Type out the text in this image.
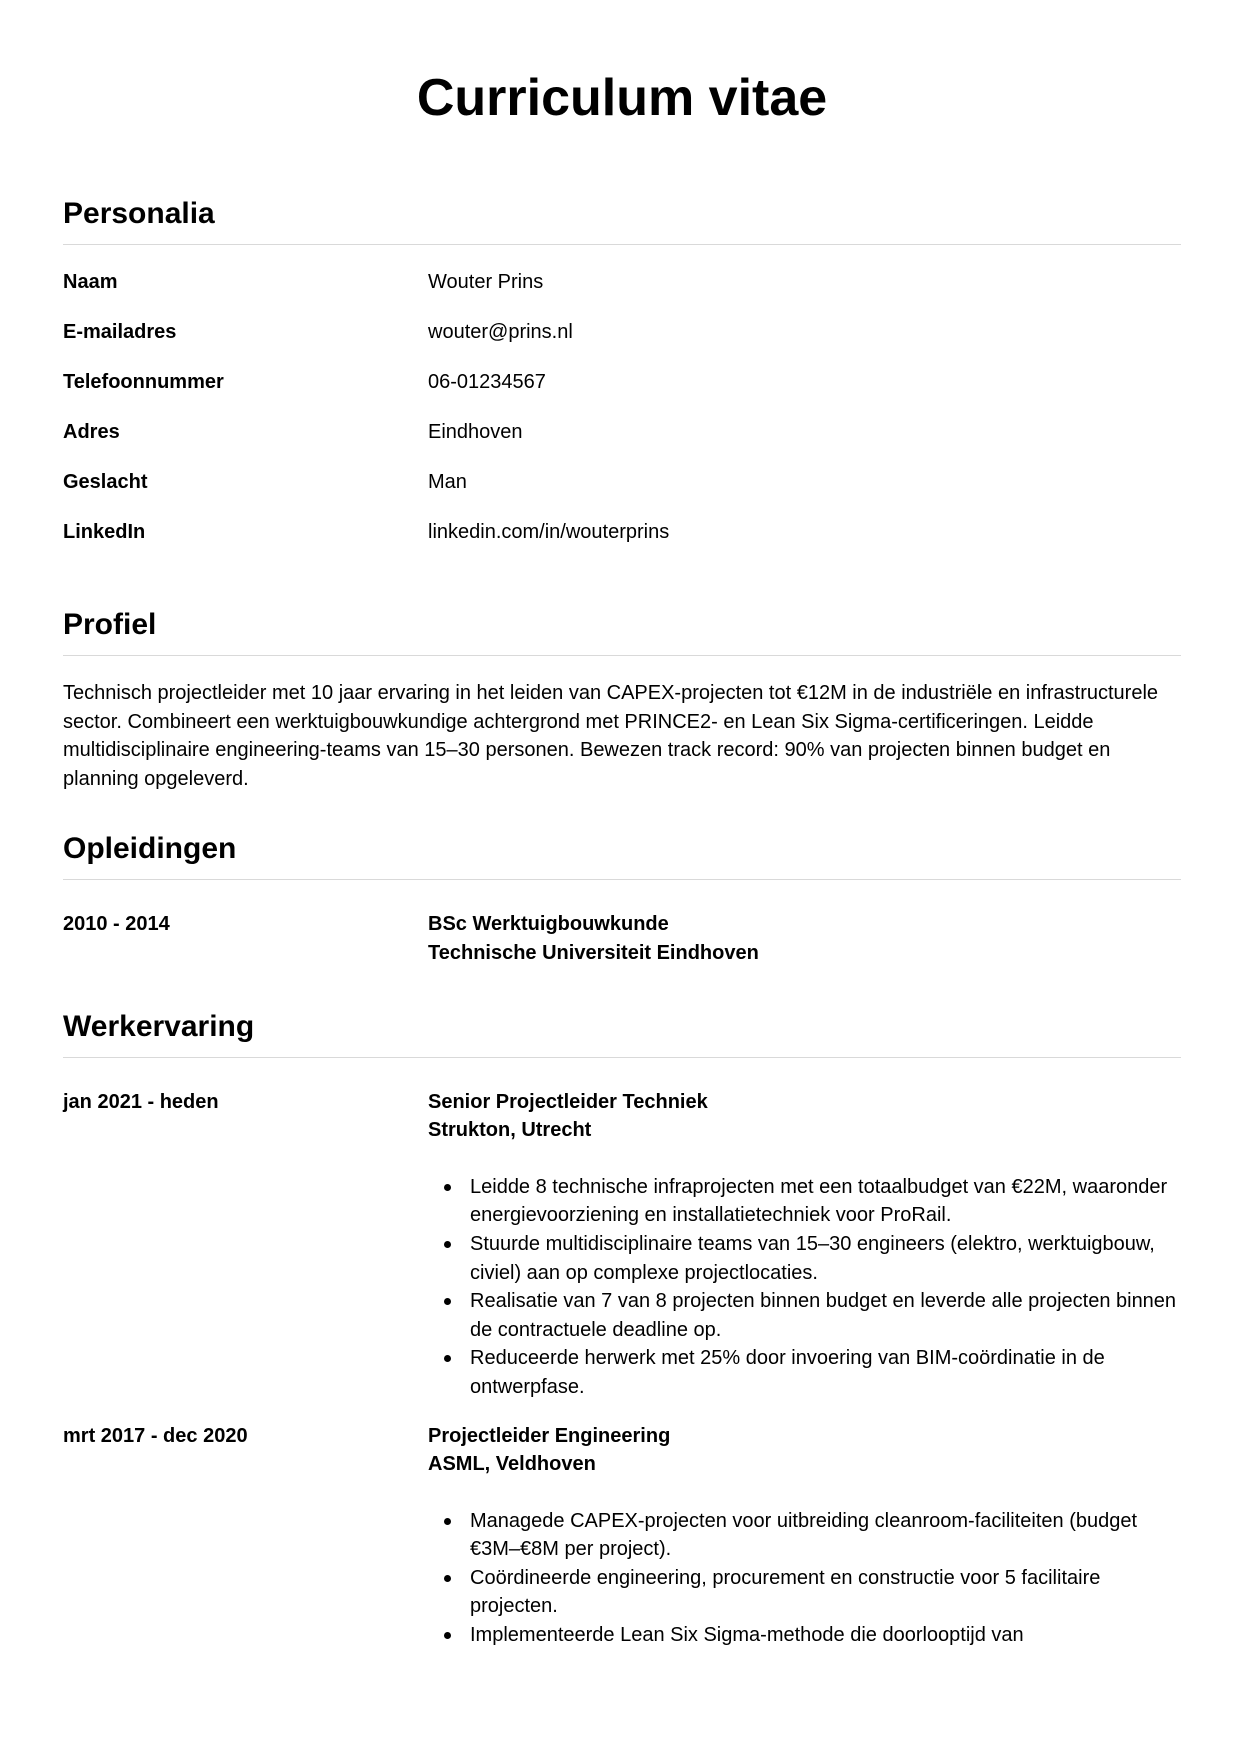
Curriculum vitae
Personalia
Naam	Wouter Prins
E-mailadres	wouter@prins.nl
Telefoonnummer	06-01234567
Adres	Eindhoven
Geslacht	Man
LinkedIn	linkedin.com/in/wouterprins
Profiel

Technisch projectleider met 10 jaar ervaring in het leiden van CAPEX-projecten tot €12M in de industriële en infrastructurele sector. Combineert een werktuigbouwkundige achtergrond met PRINCE2- en Lean Six Sigma-certificeringen. Leidde multidisciplinaire engineering-teams van 15–30 personen. Bewezen track record: 90% van projecten binnen budget en planning opgeleverd.

Opleidingen
2010 - 2014	BSc Werktuigbouwkunde
Technische Universiteit Eindhoven
Werkervaring
jan 2021 - heden	Senior Projectleider Techniek
Strukton, Utrecht
Leidde 8 technische infraprojecten met een totaalbudget van €22M, waaronder energievoorziening en installatietechniek voor ProRail.
Stuurde multidisciplinaire teams van 15–30 engineers (elektro, werktuigbouw, civiel) aan op complexe projectlocaties.
Realisatie van 7 van 8 projecten binnen budget en leverde alle projecten binnen de contractuele deadline op.
Reduceerde herwerk met 25% door invoering van BIM-coördinatie in de ontwerpfase.
mrt 2017 - dec 2020	Projectleider Engineering
ASML, Veldhoven
Managede CAPEX-projecten voor uitbreiding cleanroom-faciliteiten (budget €3M–€8M per project).
Coördineerde engineering, procurement en constructie voor 5 facilitaire projecten.
Implementeerde Lean Six Sigma-methode die doorlooptijd van
